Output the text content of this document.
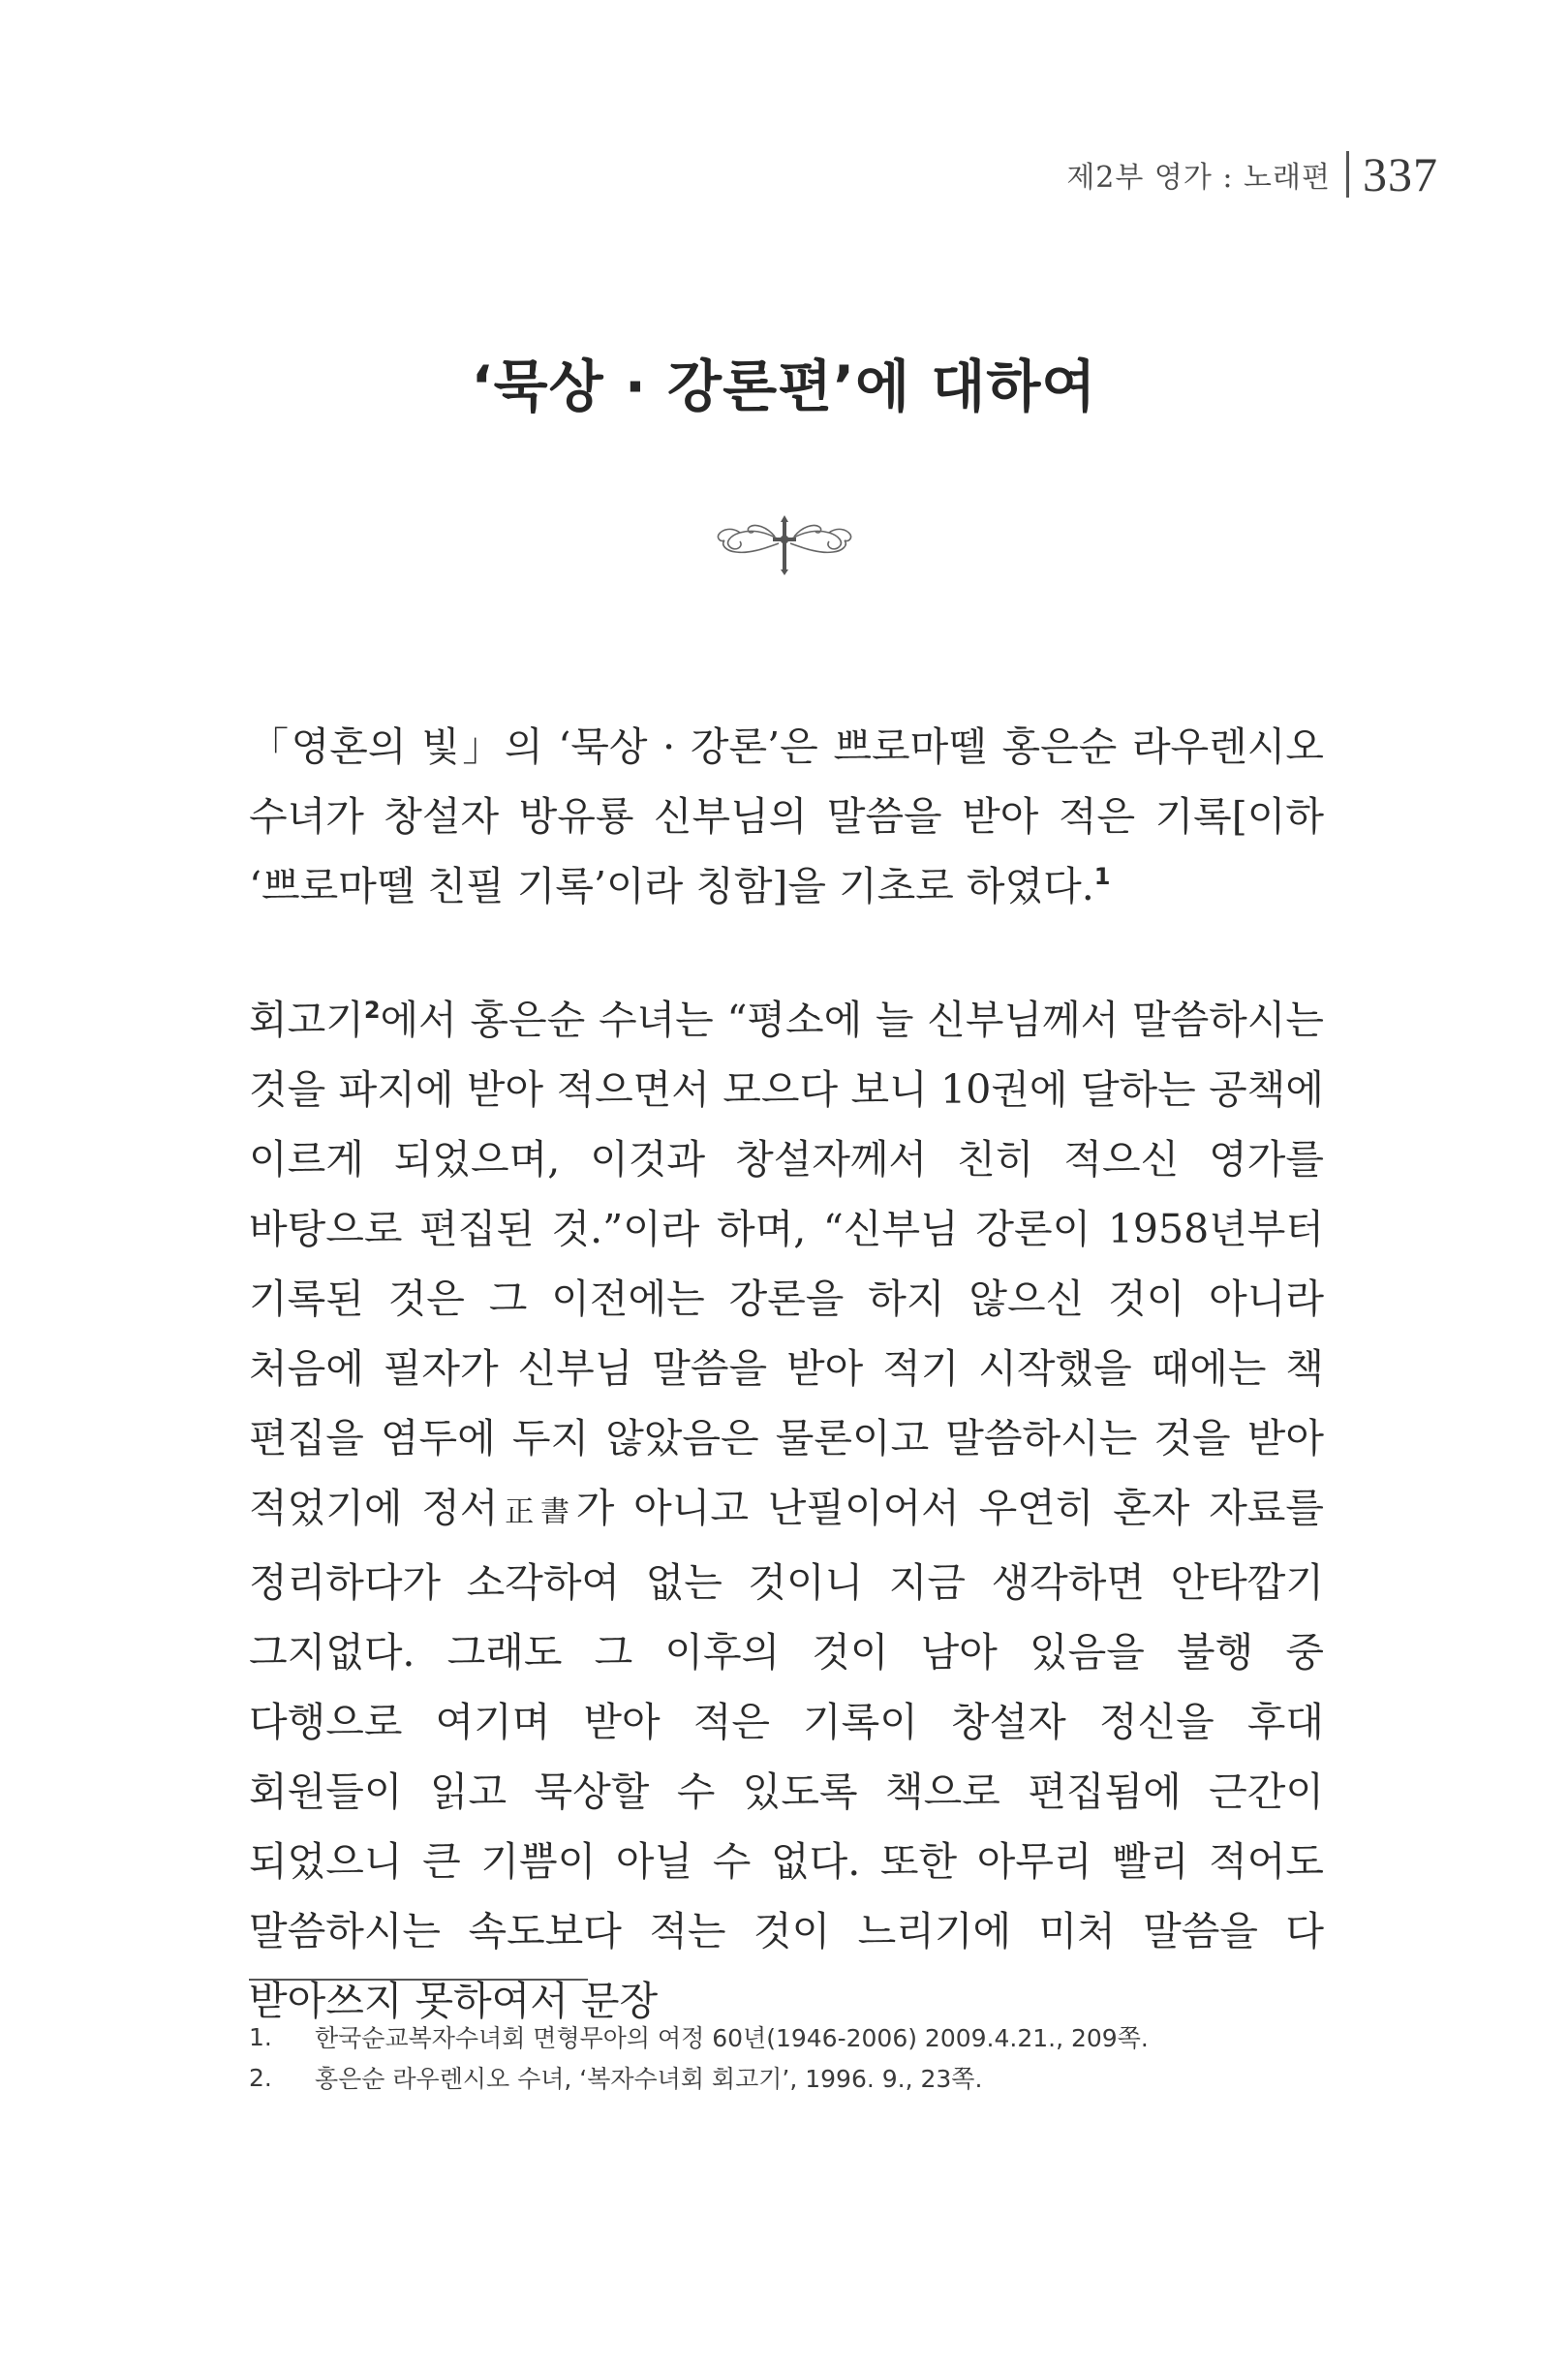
제2부 영가 : 노래편 337
‘묵상 · 강론편’에 대하여

「영혼의 빛」의 ‘묵상 · 강론’은 쁘로마뗄 홍은순 라우렌시오 수녀가 창설자 방유룡 신부님의 말씀을 받아 적은 기록[이하 ‘쁘로마뗄 친필 기록’이라 칭함]을 기초로 하였다.$^1$

회고기$^2$에서 홍은순 수녀는 “평소에 늘 신부님께서 말씀하시는 것을 파지에 받아 적으면서 모으다 보니 10권에 달하는 공책에 이르게 되었으며, 이것과 창설자께서 친히 적으신 영가를 바탕으로 편집된 것.”이라 하며, “신부님 강론이 1958년부터 기록된 것은 그 이전에는 강론을 하지 않으신 것이 아니라 처음에 필자가 신부님 말씀을 받아 적기 시작했을 때에는 책 편집을 염두에 두지 않았음은 물론이고 말씀하시는 것을 받아 적었기에 정서正書가 아니고 난필이어서 우연히 혼자 자료를 정리하다가 소각하여 없는 것이니 지금 생각하면 안타깝기 그지없다. 그래도 그 이후의 것이 남아 있음을 불행 중 다행으로 여기며 받아 적은 기록이 창설자 정신을 후대 회원들이 읽고 묵상할 수 있도록 책으로 편집됨에 근간이 되었으니 큰 기쁨이 아닐 수 없다. 또한 아무리 빨리 적어도 말씀하시는 속도보다 적는 것이 느리기에 미처 말씀을 다 받아쓰지 못하여서 문장

1.	한국순교복자수녀회 면형무아의 여정 60년(1946-2006) 2009.4.21., 209쪽.
2.	홍은순 라우렌시오 수녀, ‘복자수녀회 회고기’, 1996. 9., 23쪽.
